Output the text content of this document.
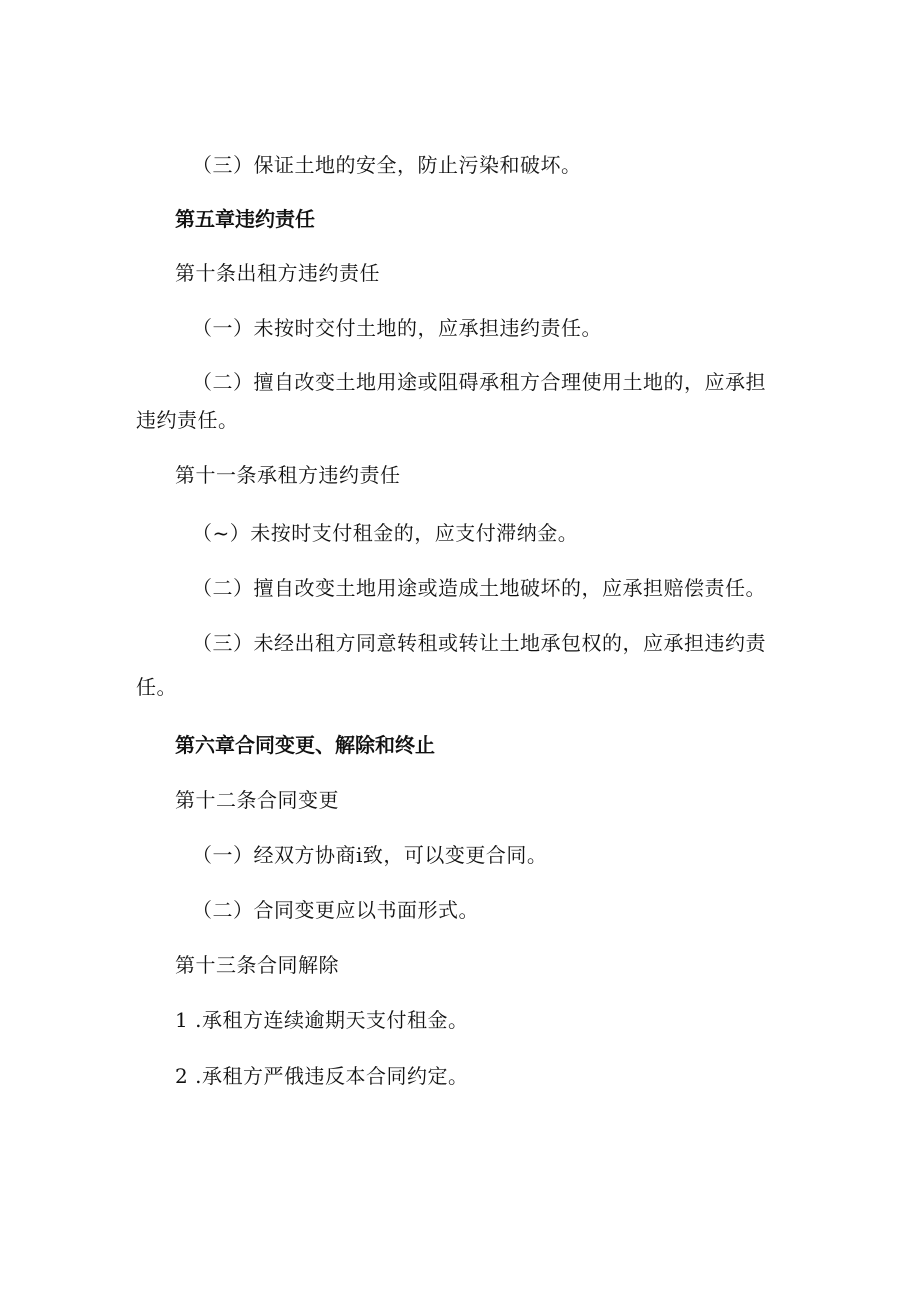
（三）保证土地的安全，防止污染和破坏。
第五章违约责任
第十条出租方违约责任
（一）未按时交付土地的，应承担违约责任。
（二）擅自改变土地用途或阻碍承租方合理使用土地的，应承担
违约责任。
第十一条承租方违约责任
（~）未按时支付租金的，应支付滞纳金。
（二）擅自改变土地用途或造成土地破坏的，应承担赔偿责任。
（三）未经出租方同意转租或转让土地承包权的，应承担违约责
任。
第六章合同变更、解除和终止
第十二条合同变更
（一）经双方协商i致，可以变更合同。
（二）合同变更应以书面形式。
第十三条合同解除
1 .承租方连续逾期天支付租金。
2 .承租方严俄违反本合同约定。
